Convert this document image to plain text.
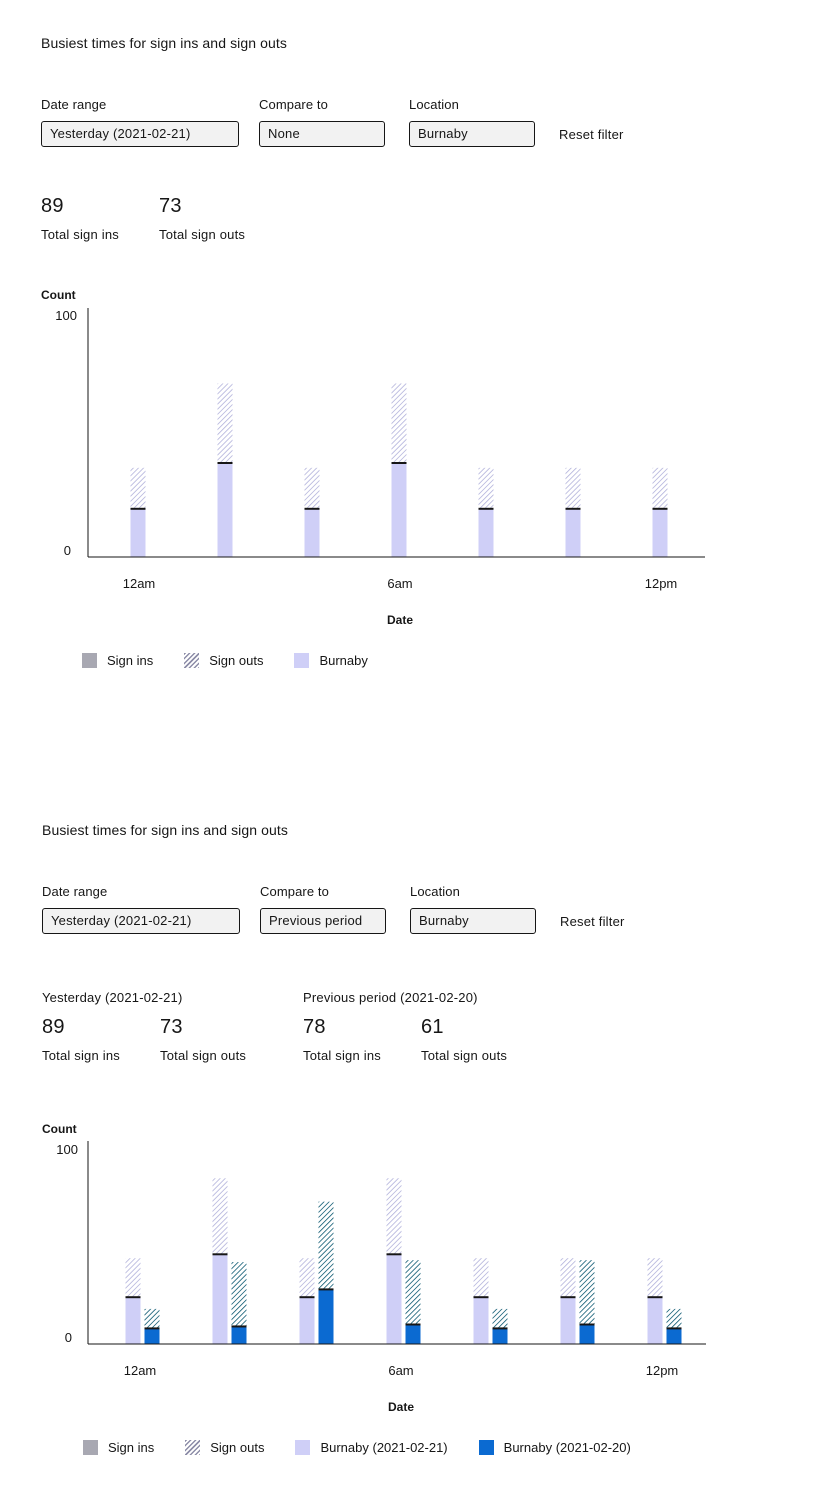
Busiest times for sign ins and sign outs
Date range
Yesterday (2021-02-21)
Compare to
None
Location
Burnaby	Reset filter
89
Total sign ins
73
Total sign outs
Count
100
0
12am	6am	12pm
Date
Sign ins	Sign outs	Burnaby
Busiest times for sign ins and sign outs
Date range
Yesterday (2021-02-21)
Compare to
Previous period
Location
Burnaby	Reset filter
Yesterday (2021-02-21)	Previous period (2021-02-20)
89
Total sign ins
73
Total sign outs
78
Total sign ins
61
Total sign outs
Count
100
0
12am	6am	12pm
Date
Sign ins	Sign outs	Burnaby (2021-02-21)	Burnaby (2021-02-20)
